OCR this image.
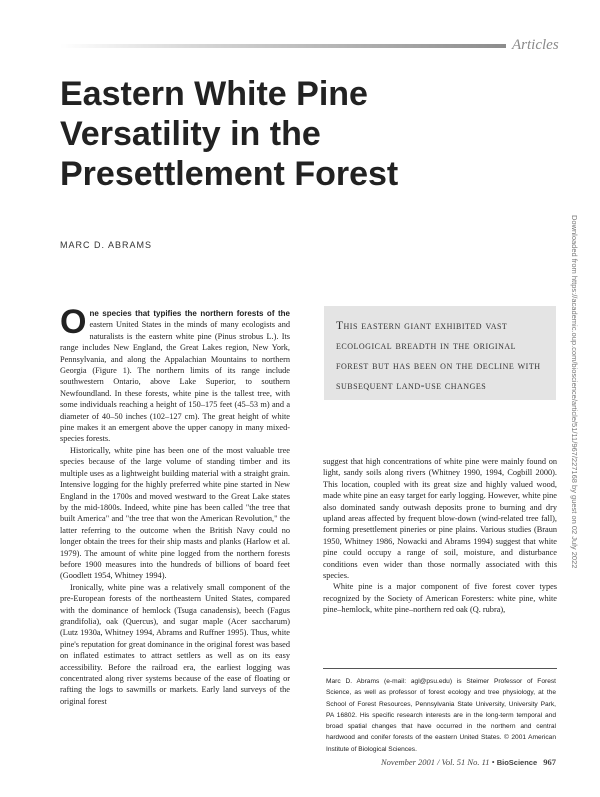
Articles
Eastern White Pine
Versatility in the
Presettlement Forest
MARC D. ABRAMS	Downloaded from https://academic.oup.com/bioscience/article/51/11/967/227168 by guest on 02 July 2022

One species that typifies the northern forests of the eastern United States in the minds of many ecologists and naturalists is the eastern white pine (Pinus strobus L.). Its range includes New England, the Great Lakes region, New York, Pennsylvania, and along the Appalachian Mountains to northern Georgia (Figure 1). The northern limits of its range include southwestern Ontario, above Lake Superior, to southern Newfoundland. In these forests, white pine is the tallest tree, with some individuals reaching a height of 150–175 feet (45–53 m) and a diameter of 40–50 inches (102–127 cm). The great height of white pine makes it an emergent above the upper canopy in many mixed-species forests.

Historically, white pine has been one of the most valuable tree species because of the large volume of standing timber and its multiple uses as a lightweight building material with a straight grain. Intensive logging for the highly preferred white pine started in New England in the 1700s and moved westward to the Great Lake states by the mid-1800s. Indeed, white pine has been called "the tree that built America" and "the tree that won the American Revolution," the latter referring to the outcome when the British Navy could no longer obtain the trees for their ship masts and planks (Harlow et al. 1979). The amount of white pine logged from the northern forests before 1900 measures into the hundreds of billions of board feet (Goodlett 1954, Whitney 1994).

Ironically, white pine was a relatively small component of the pre-European forests of the northeastern United States, compared with the dominance of hemlock (Tsuga canadensis), beech (Fagus grandifolia), oak (Quercus), and sugar maple (Acer saccharum) (Lutz 1930a, Whitney 1994, Abrams and Ruffner 1995). Thus, white pine's reputation for great dominance in the original forest was based on inflated estimates to attract settlers as well as on its easy accessibility. Before the railroad era, the earliest logging was concentrated along river systems because of the ease of floating or rafting the logs to sawmills or markets. Early land surveys of the original forest

This eastern giant exhibited vast ecological breadth in the original forest but has been on the decline with subsequent land-use changes

suggest that high concentrations of white pine were mainly found on light, sandy soils along rivers (Whitney 1990, 1994, Cogbill 2000). This location, coupled with its great size and highly valued wood, made white pine an easy target for early logging. However, white pine also dominated sandy outwash deposits prone to burning and dry upland areas affected by frequent blow-down (wind-related tree fall), forming presettlement pineries or pine plains. Various studies (Braun 1950, Whitney 1986, Nowacki and Abrams 1994) suggest that white pine could occupy a range of soil, moisture, and disturbance conditions even wider than those normally associated with this species.

White pine is a major component of five forest cover types recognized by the Society of American Foresters: white pine, white pine–hemlock, white pine–northern red oak (Q. rubra),

Marc D. Abrams (e-mail: agl@psu.edu) is Steimer Professor of Forest Science, as well as professor of forest ecology and tree physiology, at the School of Forest Resources, Pennsylvania State University, University Park, PA 16802. His specific research interests are in the long-term temporal and broad spatial changes that have occurred in the northern and central hardwood and conifer forests of the eastern United States. © 2001 American Institute of Biological Sciences.
November 2001 / Vol. 51 No. 11 • BioScience 967
